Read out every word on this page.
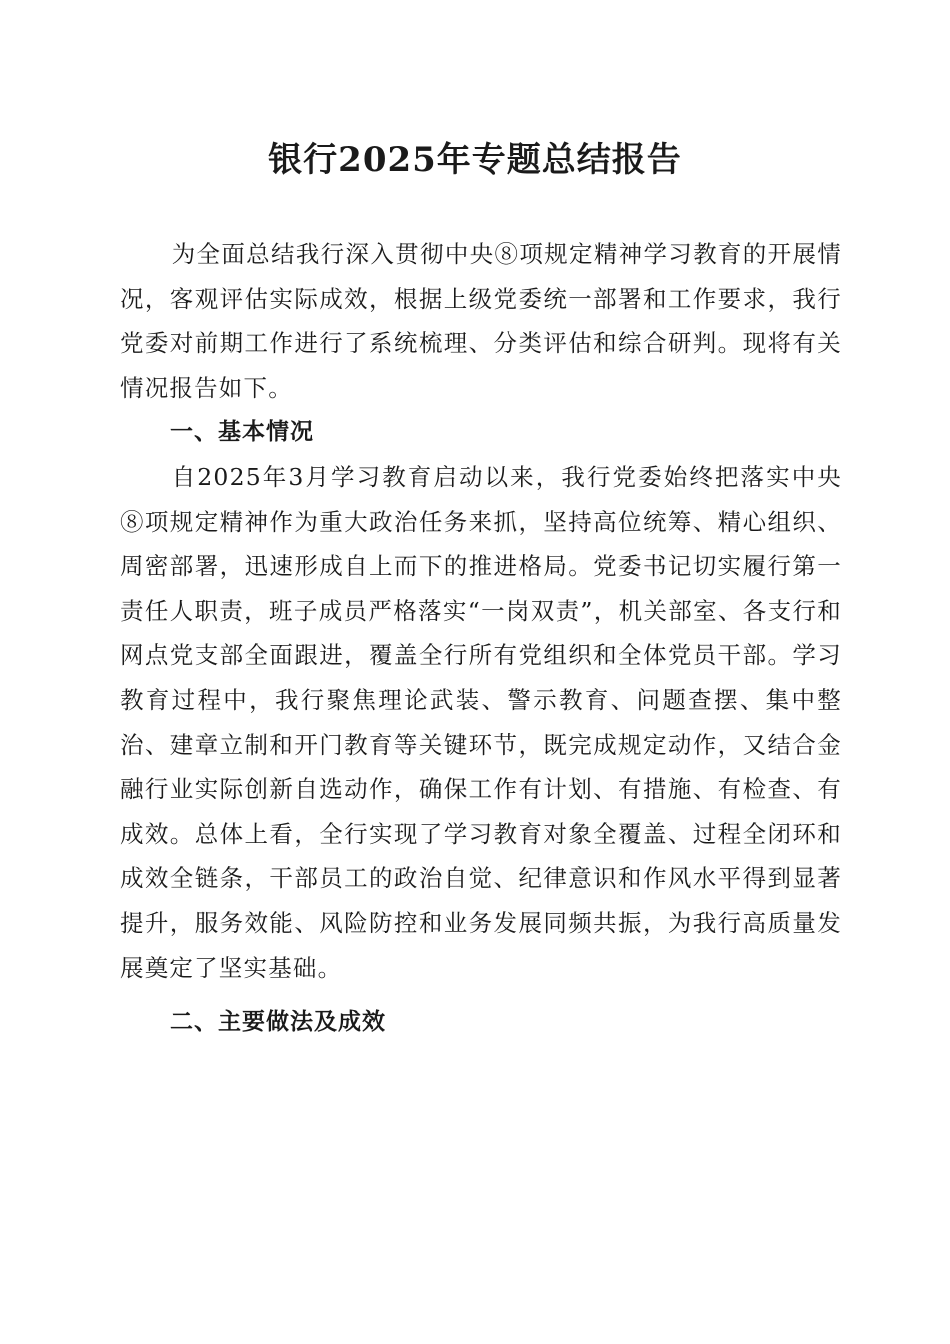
银行2025年专题总结报告

为全面总结我行深入贯彻中央⑧项规定精神学习教育的开展情况，客观评估实际成效，根据上级党委统一部署和工作要求，我行党委对前期工作进行了系统梳理、分类评估和综合研判。现将有关情况报告如下。

一、基本情况

自2025年3月学习教育启动以来，我行党委始终把落实中央⑧项规定精神作为重大政治任务来抓，坚持高位统筹、精心组织、周密部署，迅速形成自上而下的推进格局。党委书记切实履行第一责任人职责，班子成员严格落实“一岗双责”，机关部室、各支行和网点党支部全面跟进，覆盖全行所有党组织和全体党员干部。学习教育过程中，我行聚焦理论武装、警示教育、问题查摆、集中整治、建章立制和开门教育等关键环节，既完成规定动作，又结合金融行业实际创新自选动作，确保工作有计划、有措施、有检查、有成效。总体上看，全行实现了学习教育对象全覆盖、过程全闭环和成效全链条，干部员工的政治自觉、纪律意识和作风水平得到显著提升，服务效能、风险防控和业务发展同频共振，为我行高质量发展奠定了坚实基础。

二、主要做法及成效
